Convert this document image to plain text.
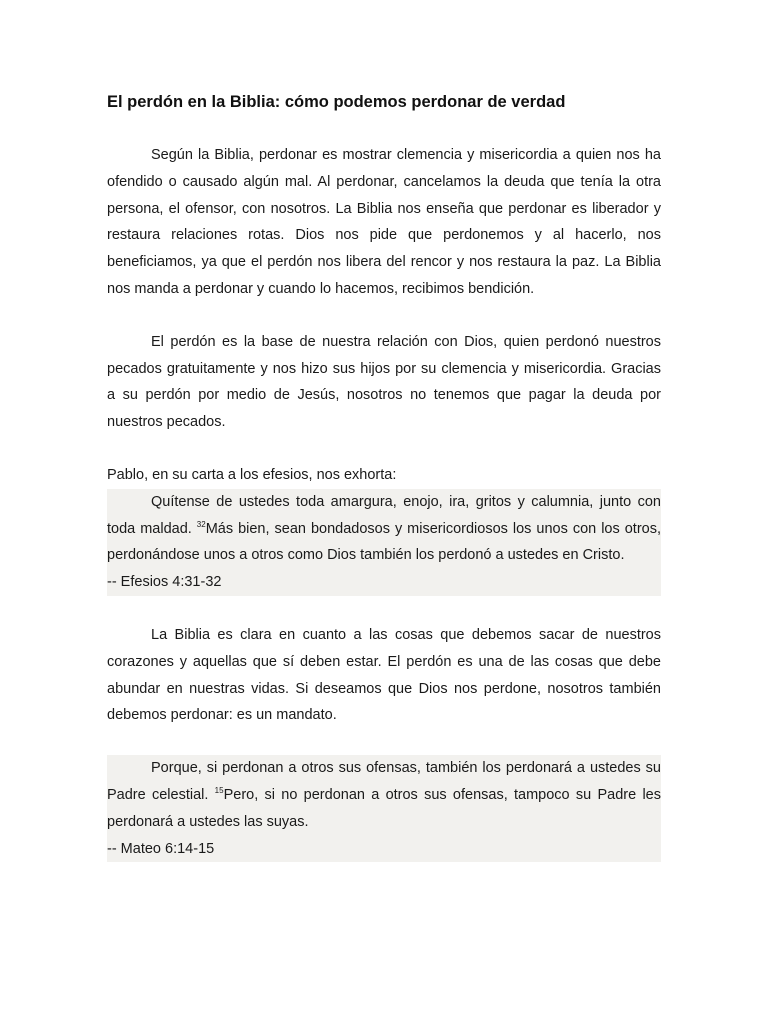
El perdón en la Biblia: cómo podemos perdonar de verdad

Según la Biblia, perdonar es mostrar clemencia y misericordia a quien nos ha ofendido o causado algún mal. Al perdonar, cancelamos la deuda que tenía la otra persona, el ofensor, con nosotros. La Biblia nos enseña que perdonar es liberador y restaura relaciones rotas. Dios nos pide que perdonemos y al hacerlo, nos beneficiamos, ya que el perdón nos libera del rencor y nos restaura la paz. La Biblia nos manda a perdonar y cuando lo hacemos, recibimos bendición.

El perdón es la base de nuestra relación con Dios, quien perdonó nuestros pecados gratuitamente y nos hizo sus hijos por su clemencia y misericordia. Gracias a su perdón por medio de Jesús, nosotros no tenemos que pagar la deuda por nuestros pecados.

Pablo, en su carta a los efesios, nos exhorta:

Quítense de ustedes toda amargura, enojo, ira, gritos y calumnia, junto con toda maldad. $^{32}$Más bien, sean bondadosos y misericordiosos los unos con los otros, perdonándose unos a otros como Dios también los perdonó a ustedes en Cristo.

-- Efesios 4:31-32

La Biblia es clara en cuanto a las cosas que debemos sacar de nuestros corazones y aquellas que sí deben estar. El perdón es una de las cosas que debe abundar en nuestras vidas. Si deseamos que Dios nos perdone, nosotros también debemos perdonar: es un mandato.

Porque, si perdonan a otros sus ofensas, también los perdonará a ustedes su Padre celestial. $^{15}$Pero, si no perdonan a otros sus ofensas, tampoco su Padre les perdonará a ustedes las suyas.

-- Mateo 6:14-15
